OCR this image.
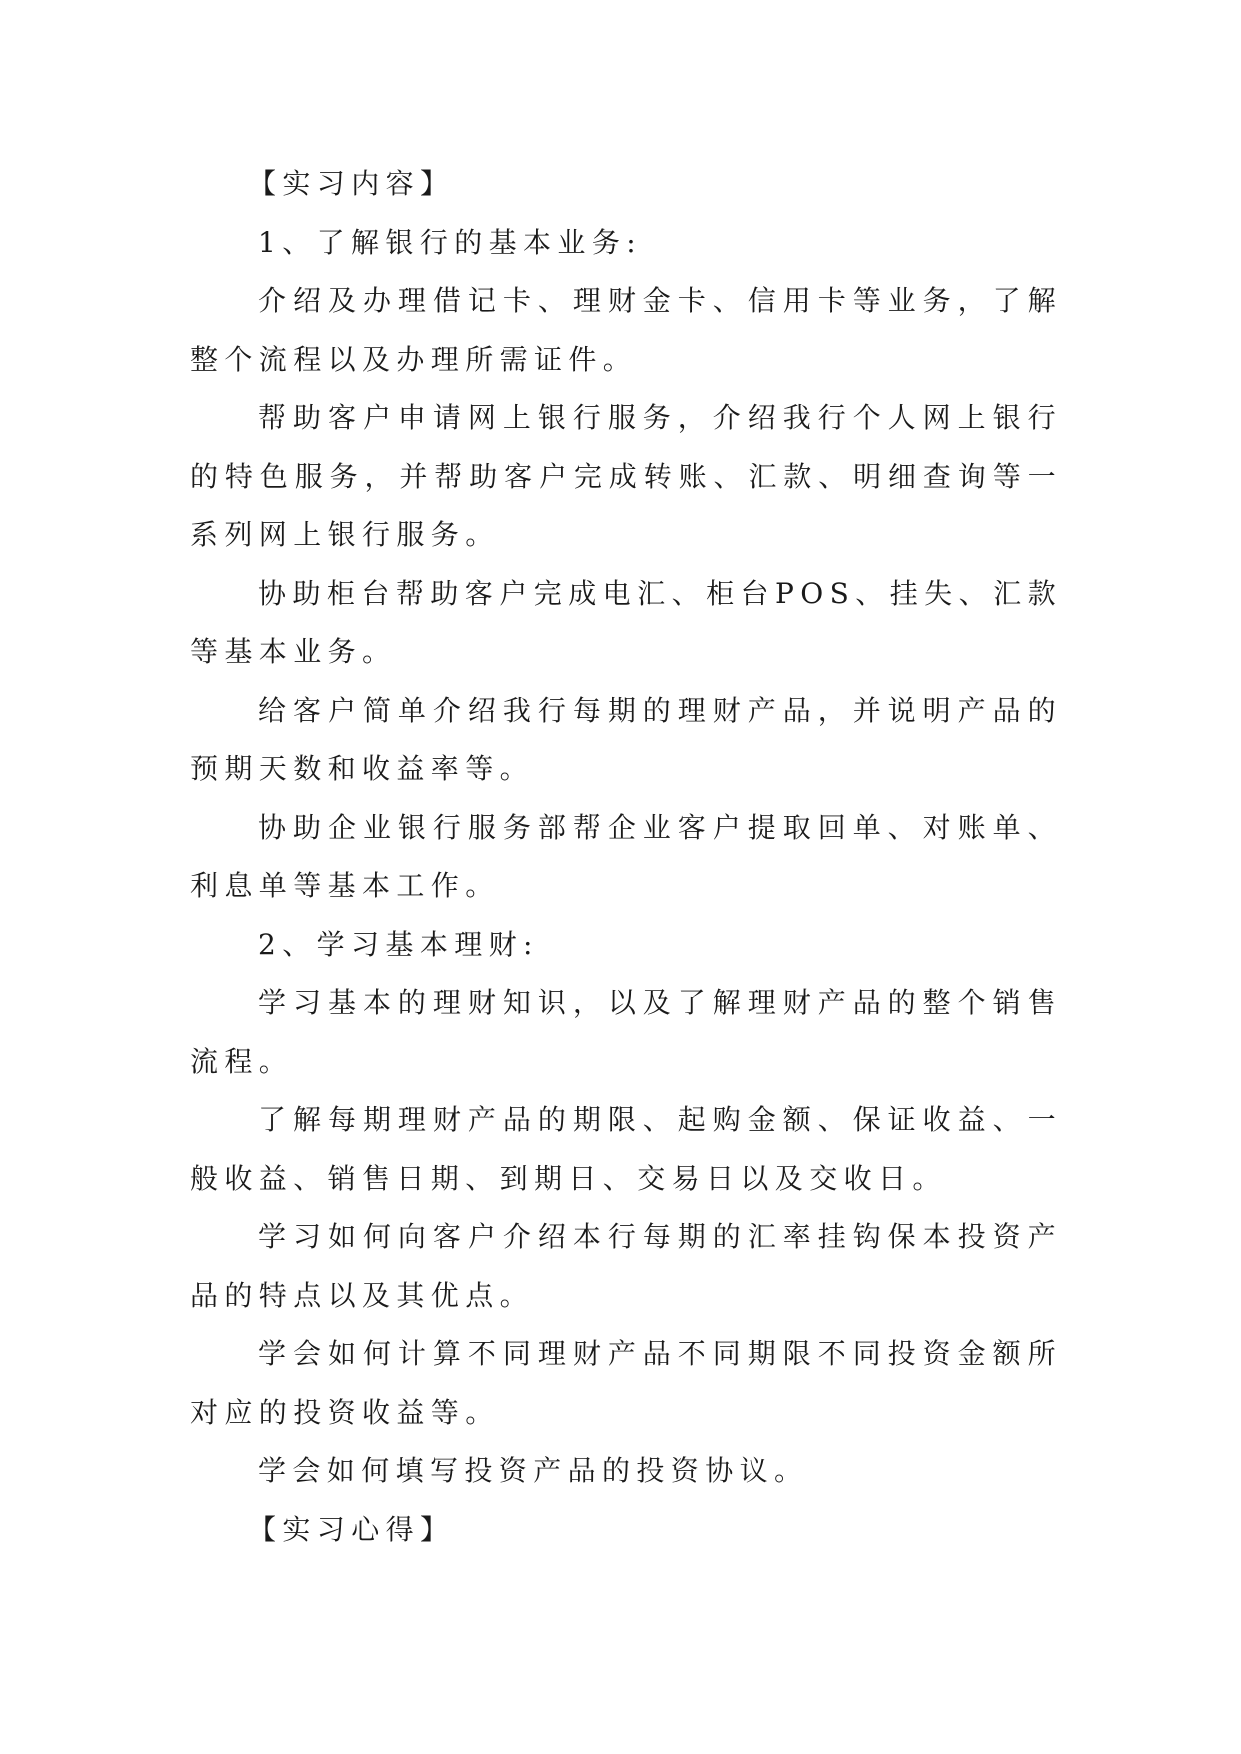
【实习内容】

1、了解银行的基本业务:

介绍及办理借记卡、理财金卡、信用卡等业务，了解整个流程以及办理所需证件。

帮助客户申请网上银行服务，介绍我行个人网上银行的特色服务，并帮助客户完成转账、汇款、明细查询等一系列网上银行服务。

协助柜台帮助客户完成电汇、柜台POS、挂失、汇款等基本业务。

给客户简单介绍我行每期的理财产品，并说明产品的预期天数和收益率等。

协助企业银行服务部帮企业客户提取回单、对账单、利息单等基本工作。

2、学习基本理财:

学习基本的理财知识，以及了解理财产品的整个销售流程。

了解每期理财产品的期限、起购金额、保证收益、一般收益、销售日期、到期日、交易日以及交收日。

学习如何向客户介绍本行每期的汇率挂钩保本投资产品的特点以及其优点。

学会如何计算不同理财产品不同期限不同投资金额所对应的投资收益等。

学会如何填写投资产品的投资协议。

【实习心得】
